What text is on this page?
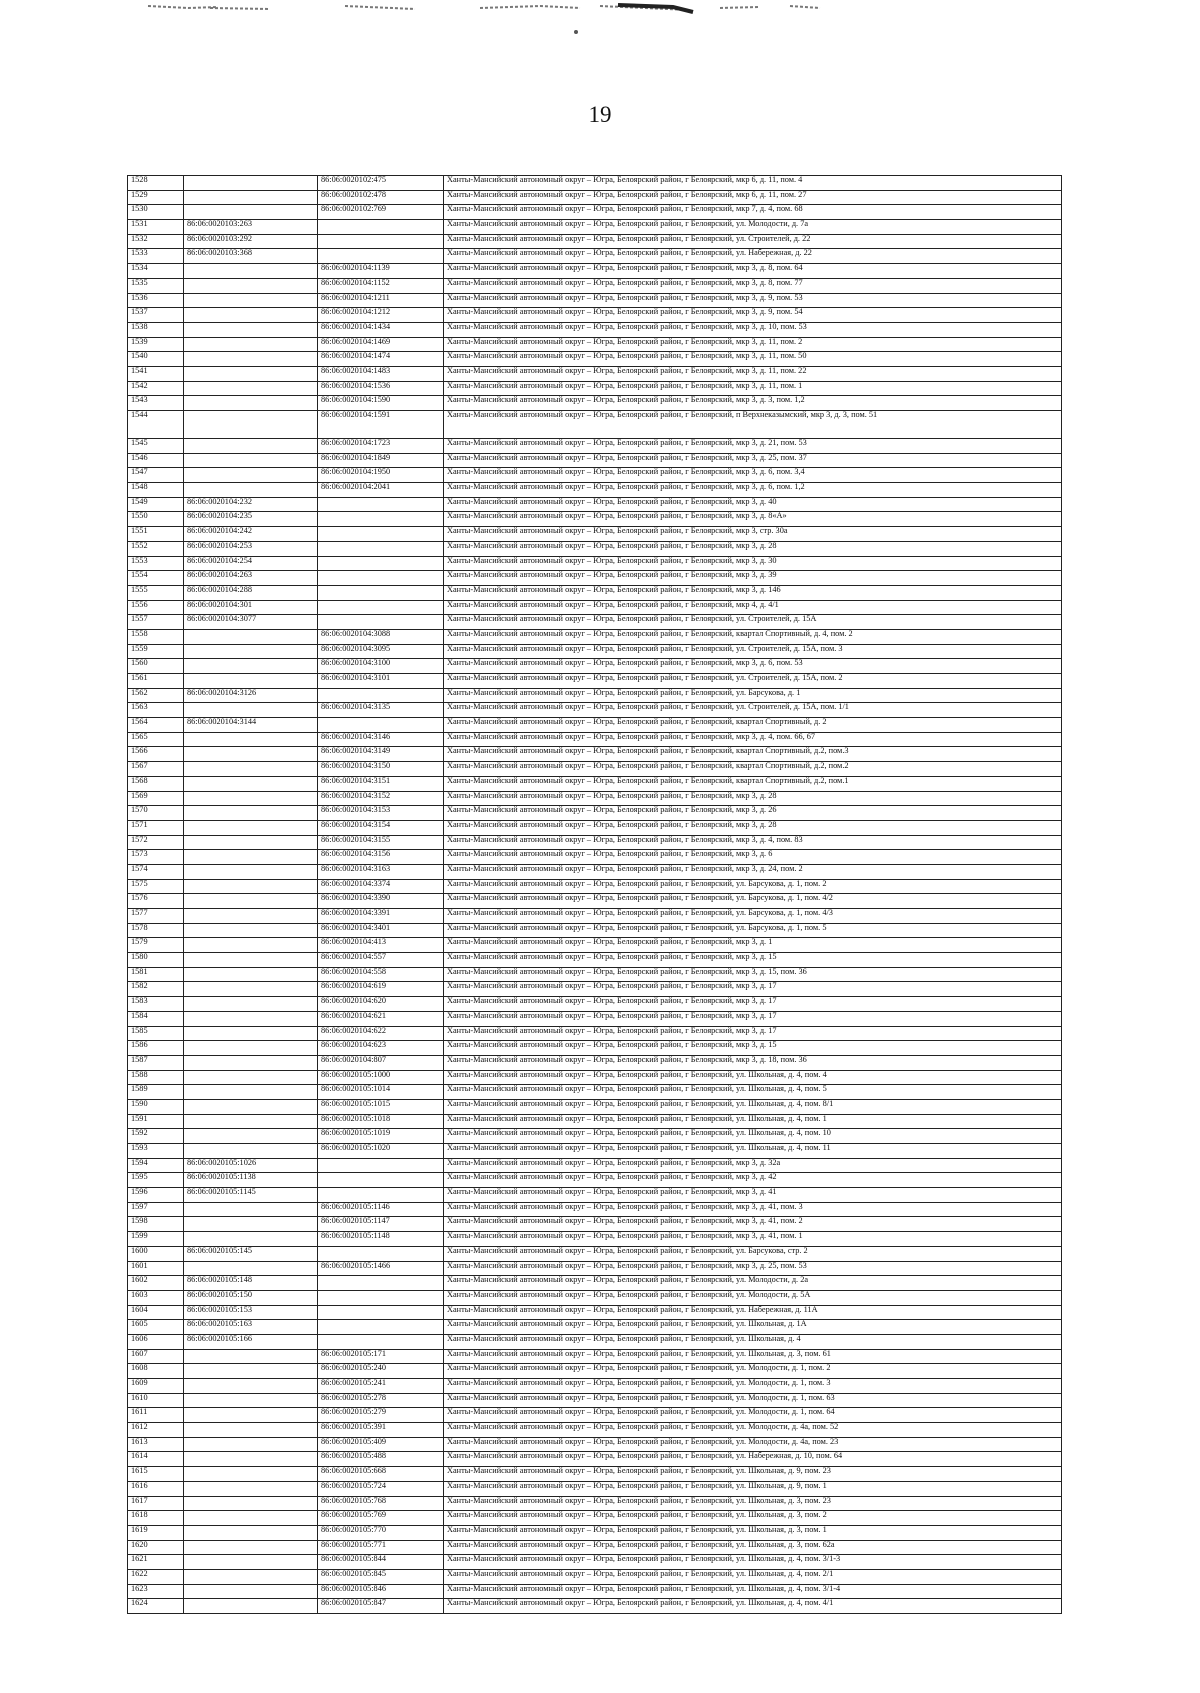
19
1528		86:06:0020102:475	Ханты-Мансийский автономный округ – Югра, Белоярский район, г Белоярский, мкр 6, д. 11, пом. 4
1529		86:06:0020102:478	Ханты-Мансийский автономный округ – Югра, Белоярский район, г Белоярский, мкр 6, д. 11, пом. 27
1530		86:06:0020102:769	Ханты-Мансийский автономный округ – Югра, Белоярский район, г Белоярский, мкр 7, д. 4, пом. 68
1531	86:06:0020103:263		Ханты-Мансийский автономный округ – Югра, Белоярский район, г Белоярский, ул. Молодости, д. 7а
1532	86:06:0020103:292		Ханты-Мансийский автономный округ – Югра, Белоярский район, г Белоярский, ул. Строителей, д. 22
1533	86:06:0020103:368		Ханты-Мансийский автономный округ – Югра, Белоярский район, г Белоярский, ул. Набережная, д. 22
1534		86:06:0020104:1139	Ханты-Мансийский автономный округ – Югра, Белоярский район, г Белоярский, мкр 3, д. 8, пом. 64
1535		86:06:0020104:1152	Ханты-Мансийский автономный округ – Югра, Белоярский район, г Белоярский, мкр 3, д. 8, пом. 77
1536		86:06:0020104:1211	Ханты-Мансийский автономный округ – Югра, Белоярский район, г Белоярский, мкр 3, д. 9, пом. 53
1537		86:06:0020104:1212	Ханты-Мансийский автономный округ – Югра, Белоярский район, г Белоярский, мкр 3, д. 9, пом. 54
1538		86:06:0020104:1434	Ханты-Мансийский автономный округ – Югра, Белоярский район, г Белоярский, мкр 3, д. 10, пом. 53
1539		86:06:0020104:1469	Ханты-Мансийский автономный округ – Югра, Белоярский район, г Белоярский, мкр 3, д. 11, пом. 2
1540		86:06:0020104:1474	Ханты-Мансийский автономный округ – Югра, Белоярский район, г Белоярский, мкр 3, д. 11, пом. 50
1541		86:06:0020104:1483	Ханты-Мансийский автономный округ – Югра, Белоярский район, г Белоярский, мкр 3, д. 11, пом. 22
1542		86:06:0020104:1536	Ханты-Мансийский автономный округ – Югра, Белоярский район, г Белоярский, мкр 3, д. 11, пом. 1
1543		86:06:0020104:1590	Ханты-Мансийский автономный округ – Югра, Белоярский район, г Белоярский, мкр 3, д. 3, пом. 1,2
1544		86:06:0020104:1591	Ханты-Мансийский автономный округ – Югра, Белоярский район, г Белоярский, п Верхнеказымский, мкр 3, д. 3, пом. 51
1545		86:06:0020104:1723	Ханты-Мансийский автономный округ – Югра, Белоярский район, г Белоярский, мкр 3, д. 21, пом. 53
1546		86:06:0020104:1849	Ханты-Мансийский автономный округ – Югра, Белоярский район, г Белоярский, мкр 3, д. 25, пом. 37
1547		86:06:0020104:1950	Ханты-Мансийский автономный округ – Югра, Белоярский район, г Белоярский, мкр 3, д. 6, пом. 3,4
1548		86:06:0020104:2041	Ханты-Мансийский автономный округ – Югра, Белоярский район, г Белоярский, мкр 3, д. 6, пом. 1,2
1549	86:06:0020104:232		Ханты-Мансийский автономный округ – Югра, Белоярский район, г Белоярский, мкр 3, д. 40
1550	86:06:0020104:235		Ханты-Мансийский автономный округ – Югра, Белоярский район, г Белоярский, мкр 3, д. 8«А»
1551	86:06:0020104:242		Ханты-Мансийский автономный округ – Югра, Белоярский район, г Белоярский, мкр 3, стр. 30а
1552	86:06:0020104:253		Ханты-Мансийский автономный округ – Югра, Белоярский район, г Белоярский, мкр 3, д. 28
1553	86:06:0020104:254		Ханты-Мансийский автономный округ – Югра, Белоярский район, г Белоярский, мкр 3, д. 30
1554	86:06:0020104:263		Ханты-Мансийский автономный округ – Югра, Белоярский район, г Белоярский, мкр 3, д. 39
1555	86:06:0020104:288		Ханты-Мансийский автономный округ – Югра, Белоярский район, г Белоярский, мкр 3, д. 146
1556	86:06:0020104:301		Ханты-Мансийский автономный округ – Югра, Белоярский район, г Белоярский, мкр 4, д. 4/1
1557	86:06:0020104:3077		Ханты-Мансийский автономный округ – Югра, Белоярский район, г Белоярский, ул. Строителей, д. 15А
1558		86:06:0020104:3088	Ханты-Мансийский автономный округ – Югра, Белоярский район, г Белоярский, квартал Спортивный, д. 4, пом. 2
1559		86:06:0020104:3095	Ханты-Мансийский автономный округ – Югра, Белоярский район, г Белоярский, ул. Строителей, д. 15А, пом. 3
1560		86:06:0020104:3100	Ханты-Мансийский автономный округ – Югра, Белоярский район, г Белоярский, мкр 3, д. 6, пом. 53
1561		86:06:0020104:3101	Ханты-Мансийский автономный округ – Югра, Белоярский район, г Белоярский, ул. Строителей, д. 15А, пом. 2
1562	86:06:0020104:3126		Ханты-Мансийский автономный округ – Югра, Белоярский район, г Белоярский, ул. Барсукова, д. 1
1563		86:06:0020104:3135	Ханты-Мансийский автономный округ – Югра, Белоярский район, г Белоярский, ул. Строителей, д. 15А, пом. 1/1
1564	86:06:0020104:3144		Ханты-Мансийский автономный округ – Югра, Белоярский район, г Белоярский, квартал Спортивный, д. 2
1565		86:06:0020104:3146	Ханты-Мансийский автономный округ – Югра, Белоярский район, г Белоярский, мкр 3, д. 4, пом. 66, 67
1566		86:06:0020104:3149	Ханты-Мансийский автономный округ – Югра, Белоярский район, г Белоярский, квартал Спортивный, д.2, пом.3
1567		86:06:0020104:3150	Ханты-Мансийский автономный округ – Югра, Белоярский район, г Белоярский, квартал Спортивный, д.2, пом.2
1568		86:06:0020104:3151	Ханты-Мансийский автономный округ – Югра, Белоярский район, г Белоярский, квартал Спортивный, д.2, пом.1
1569		86:06:0020104:3152	Ханты-Мансийский автономный округ – Югра, Белоярский район, г Белоярский, мкр 3, д. 28
1570		86:06:0020104:3153	Ханты-Мансийский автономный округ – Югра, Белоярский район, г Белоярский, мкр 3, д. 26
1571		86:06:0020104:3154	Ханты-Мансийский автономный округ – Югра, Белоярский район, г Белоярский, мкр 3, д. 28
1572		86:06:0020104:3155	Ханты-Мансийский автономный округ – Югра, Белоярский район, г Белоярский, мкр 3, д. 4, пом. 83
1573		86:06:0020104:3156	Ханты-Мансийский автономный округ – Югра, Белоярский район, г Белоярский, мкр 3, д. 6
1574		86:06:0020104:3163	Ханты-Мансийский автономный округ – Югра, Белоярский район, г Белоярский, мкр 3, д. 24, пом. 2
1575		86:06:0020104:3374	Ханты-Мансийский автономный округ – Югра, Белоярский район, г Белоярский, ул. Барсукова, д. 1, пом. 2
1576		86:06:0020104:3390	Ханты-Мансийский автономный округ – Югра, Белоярский район, г Белоярский, ул. Барсукова, д. 1, пом. 4/2
1577		86:06:0020104:3391	Ханты-Мансийский автономный округ – Югра, Белоярский район, г Белоярский, ул. Барсукова, д. 1, пом. 4/3
1578		86:06:0020104:3401	Ханты-Мансийский автономный округ – Югра, Белоярский район, г Белоярский, ул. Барсукова, д. 1, пом. 5
1579		86:06:0020104:413	Ханты-Мансийский автономный округ – Югра, Белоярский район, г Белоярский, мкр 3, д. 1
1580		86:06:0020104:557	Ханты-Мансийский автономный округ – Югра, Белоярский район, г Белоярский, мкр 3, д. 15
1581		86:06:0020104:558	Ханты-Мансийский автономный округ – Югра, Белоярский район, г Белоярский, мкр 3, д. 15, пом. 36
1582		86:06:0020104:619	Ханты-Мансийский автономный округ – Югра, Белоярский район, г Белоярский, мкр 3, д. 17
1583		86:06:0020104:620	Ханты-Мансийский автономный округ – Югра, Белоярский район, г Белоярский, мкр 3, д. 17
1584		86:06:0020104:621	Ханты-Мансийский автономный округ – Югра, Белоярский район, г Белоярский, мкр 3, д. 17
1585		86:06:0020104:622	Ханты-Мансийский автономный округ – Югра, Белоярский район, г Белоярский, мкр 3, д. 17
1586		86:06:0020104:623	Ханты-Мансийский автономный округ – Югра, Белоярский район, г Белоярский, мкр 3, д. 15
1587		86:06:0020104:807	Ханты-Мансийский автономный округ – Югра, Белоярский район, г Белоярский, мкр 3, д. 18, пом. 36
1588		86:06:0020105:1000	Ханты-Мансийский автономный округ – Югра, Белоярский район, г Белоярский, ул. Школьная, д. 4, пом. 4
1589		86:06:0020105:1014	Ханты-Мансийский автономный округ – Югра, Белоярский район, г Белоярский, ул. Школьная, д. 4, пом. 5
1590		86:06:0020105:1015	Ханты-Мансийский автономный округ – Югра, Белоярский район, г Белоярский, ул. Школьная, д. 4, пом. 8/1
1591		86:06:0020105:1018	Ханты-Мансийский автономный округ – Югра, Белоярский район, г Белоярский, ул. Школьная, д. 4, пом. 1
1592		86:06:0020105:1019	Ханты-Мансийский автономный округ – Югра, Белоярский район, г Белоярский, ул. Школьная, д. 4, пом. 10
1593		86:06:0020105:1020	Ханты-Мансийский автономный округ – Югра, Белоярский район, г Белоярский, ул. Школьная, д. 4, пом. 11
1594	86:06:0020105:1026		Ханты-Мансийский автономный округ – Югра, Белоярский район, г Белоярский, мкр 3, д. 32а
1595	86:06:0020105:1138		Ханты-Мансийский автономный округ – Югра, Белоярский район, г Белоярский, мкр 3, д. 42
1596	86:06:0020105:1145		Ханты-Мансийский автономный округ – Югра, Белоярский район, г Белоярский, мкр 3, д. 41
1597		86:06:0020105:1146	Ханты-Мансийский автономный округ – Югра, Белоярский район, г Белоярский, мкр 3, д. 41, пом. 3
1598		86:06:0020105:1147	Ханты-Мансийский автономный округ – Югра, Белоярский район, г Белоярский, мкр 3, д. 41, пом. 2
1599		86:06:0020105:1148	Ханты-Мансийский автономный округ – Югра, Белоярский район, г Белоярский, мкр 3, д. 41, пом. 1
1600	86:06:0020105:145		Ханты-Мансийский автономный округ – Югра, Белоярский район, г Белоярский, ул. Барсукова, стр. 2
1601		86:06:0020105:1466	Ханты-Мансийский автономный округ – Югра, Белоярский район, г Белоярский, мкр 3, д. 25, пом. 53
1602	86:06:0020105:148		Ханты-Мансийский автономный округ – Югра, Белоярский район, г Белоярский, ул. Молодости, д. 2а
1603	86:06:0020105:150		Ханты-Мансийский автономный округ – Югра, Белоярский район, г Белоярский, ул. Молодости, д. 5А
1604	86:06:0020105:153		Ханты-Мансийский автономный округ – Югра, Белоярский район, г Белоярский, ул. Набережная, д. 11А
1605	86:06:0020105:163		Ханты-Мансийский автономный округ – Югра, Белоярский район, г Белоярский, ул. Школьная, д. 1А
1606	86:06:0020105:166		Ханты-Мансийский автономный округ – Югра, Белоярский район, г Белоярский, ул. Школьная, д. 4
1607		86:06:0020105:171	Ханты-Мансийский автономный округ – Югра, Белоярский район, г Белоярский, ул. Школьная, д. 3, пом. 61
1608		86:06:0020105:240	Ханты-Мансийский автономный округ – Югра, Белоярский район, г Белоярский, ул. Молодости, д. 1, пом. 2
1609		86:06:0020105:241	Ханты-Мансийский автономный округ – Югра, Белоярский район, г Белоярский, ул. Молодости, д. 1, пом. 3
1610		86:06:0020105:278	Ханты-Мансийский автономный округ – Югра, Белоярский район, г Белоярский, ул. Молодости, д. 1, пом. 63
1611		86:06:0020105:279	Ханты-Мансийский автономный округ – Югра, Белоярский район, г Белоярский, ул. Молодости, д. 1, пом. 64
1612		86:06:0020105:391	Ханты-Мансийский автономный округ – Югра, Белоярский район, г Белоярский, ул. Молодости, д. 4а, пом. 52
1613		86:06:0020105:409	Ханты-Мансийский автономный округ – Югра, Белоярский район, г Белоярский, ул. Молодости, д. 4а, пом. 23
1614		86:06:0020105:488	Ханты-Мансийский автономный округ – Югра, Белоярский район, г Белоярский, ул. Набережная, д. 10, пом. 64
1615		86:06:0020105:668	Ханты-Мансийский автономный округ – Югра, Белоярский район, г Белоярский, ул. Школьная, д. 9, пом. 23
1616		86:06:0020105:724	Ханты-Мансийский автономный округ – Югра, Белоярский район, г Белоярский, ул. Школьная, д. 9, пом. 1
1617		86:06:0020105:768	Ханты-Мансийский автономный округ – Югра, Белоярский район, г Белоярский, ул. Школьная, д. 3, пом. 23
1618		86:06:0020105:769	Ханты-Мансийский автономный округ – Югра, Белоярский район, г Белоярский, ул. Школьная, д. 3, пом. 2
1619		86:06:0020105:770	Ханты-Мансийский автономный округ – Югра, Белоярский район, г Белоярский, ул. Школьная, д. 3, пом. 1
1620		86:06:0020105:771	Ханты-Мансийский автономный округ – Югра, Белоярский район, г Белоярский, ул. Школьная, д. 3, пом. 62а
1621		86:06:0020105:844	Ханты-Мансийский автономный округ – Югра, Белоярский район, г Белоярский, ул. Школьная, д. 4, пом. 3/1-3
1622		86:06:0020105:845	Ханты-Мансийский автономный округ – Югра, Белоярский район, г Белоярский, ул. Школьная, д. 4, пом. 2/1
1623		86:06:0020105:846	Ханты-Мансийский автономный округ – Югра, Белоярский район, г Белоярский, ул. Школьная, д. 4, пом. 3/1-4
1624		86:06:0020105:847	Ханты-Мансийский автономный округ – Югра, Белоярский район, г Белоярский, ул. Школьная, д. 4, пом. 4/1
